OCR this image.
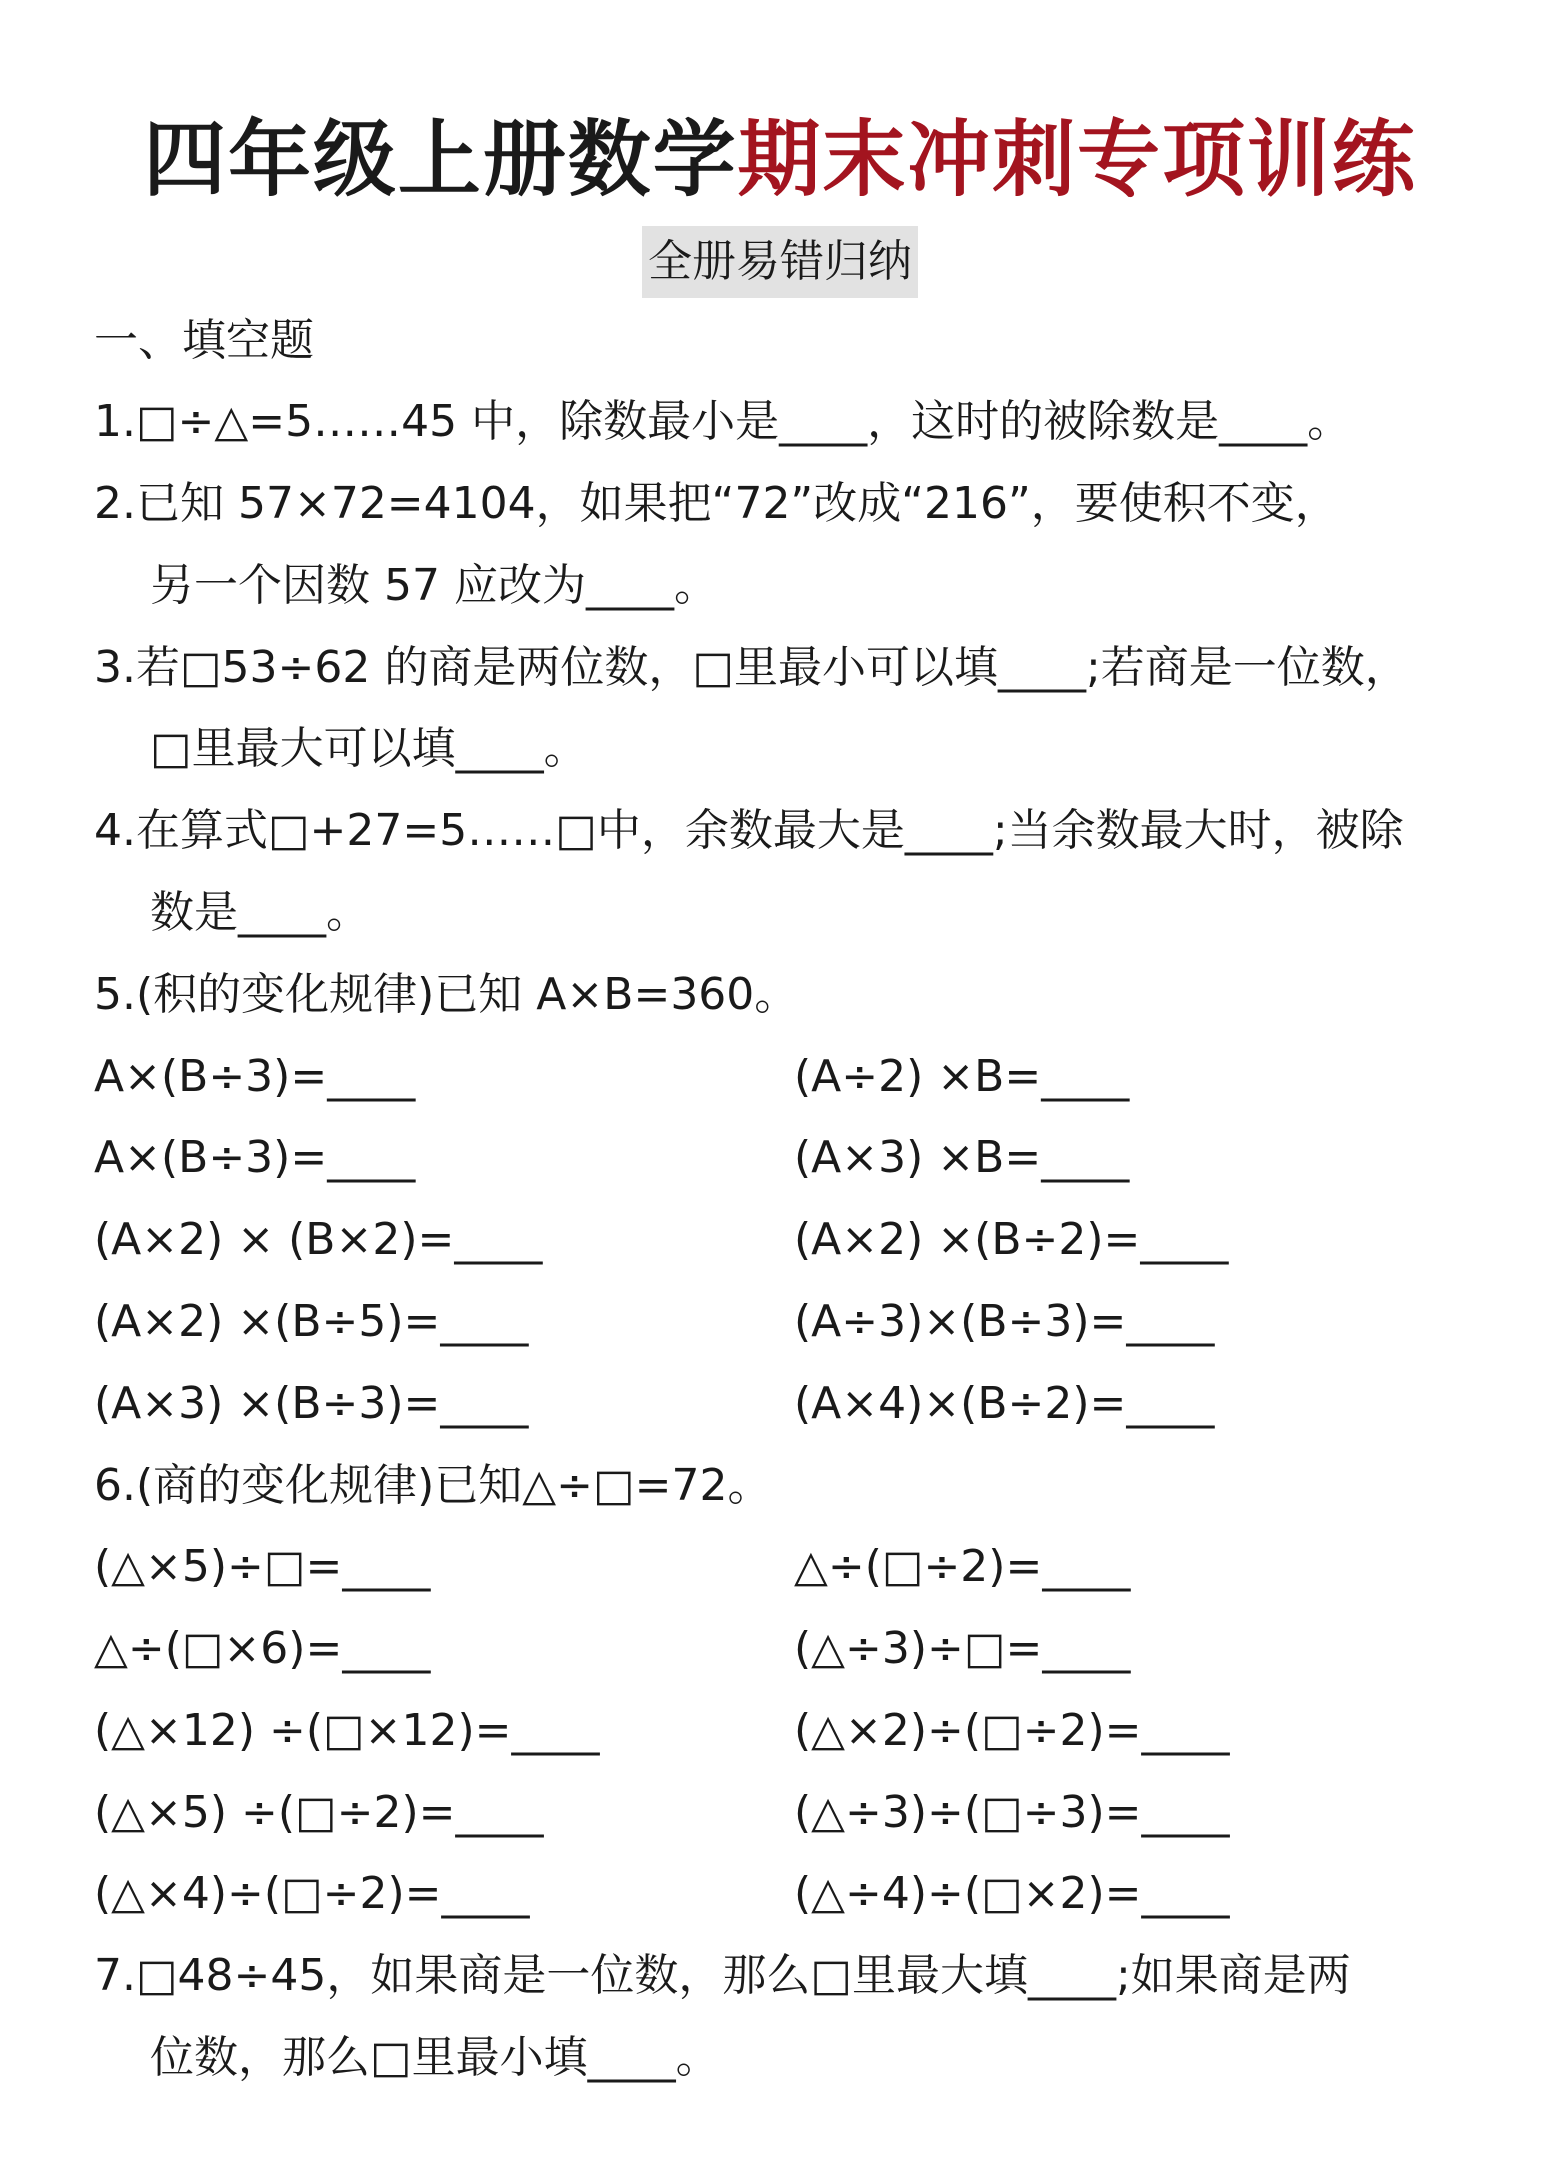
四年级上册数学期末冲刺专项训练
全册易错归纳
一、填空题
1.□÷△=5……45 中，除数最小是____，这时的被除数是____。
2.已知 57×72=4104，如果把“72”改成“216”，要使积不变，
另一个因数 57 应改为____。
3.若□53÷62 的商是两位数，□里最小可以填____;若商是一位数，
□里最大可以填____。
4.在算式□+27=5……□中，余数最大是____;当余数最大时，被除
数是____。
5.(积的变化规律)已知 A×B=360。
A×(B÷3)=____	(A÷2) ×B=____
A×(B÷3)=____	(A×3) ×B=____
(A×2) × (B×2)=____	(A×2) ×(B÷2)=____
(A×2) ×(B÷5)=____	(A÷3)×(B÷3)=____
(A×3) ×(B÷3)=____	(A×4)×(B÷2)=____
6.(商的变化规律)已知△÷□=72。
(△×5)÷□=____	△÷(□÷2)=____
△÷(□×6)=____	(△÷3)÷□=____
(△×12) ÷(□×12)=____	(△×2)÷(□÷2)=____
(△×5) ÷(□÷2)=____	(△÷3)÷(□÷3)=____
(△×4)÷(□÷2)=____	(△÷4)÷(□×2)=____
7.□48÷45，如果商是一位数，那么□里最大填____;如果商是两
位数，那么□里最小填____。
